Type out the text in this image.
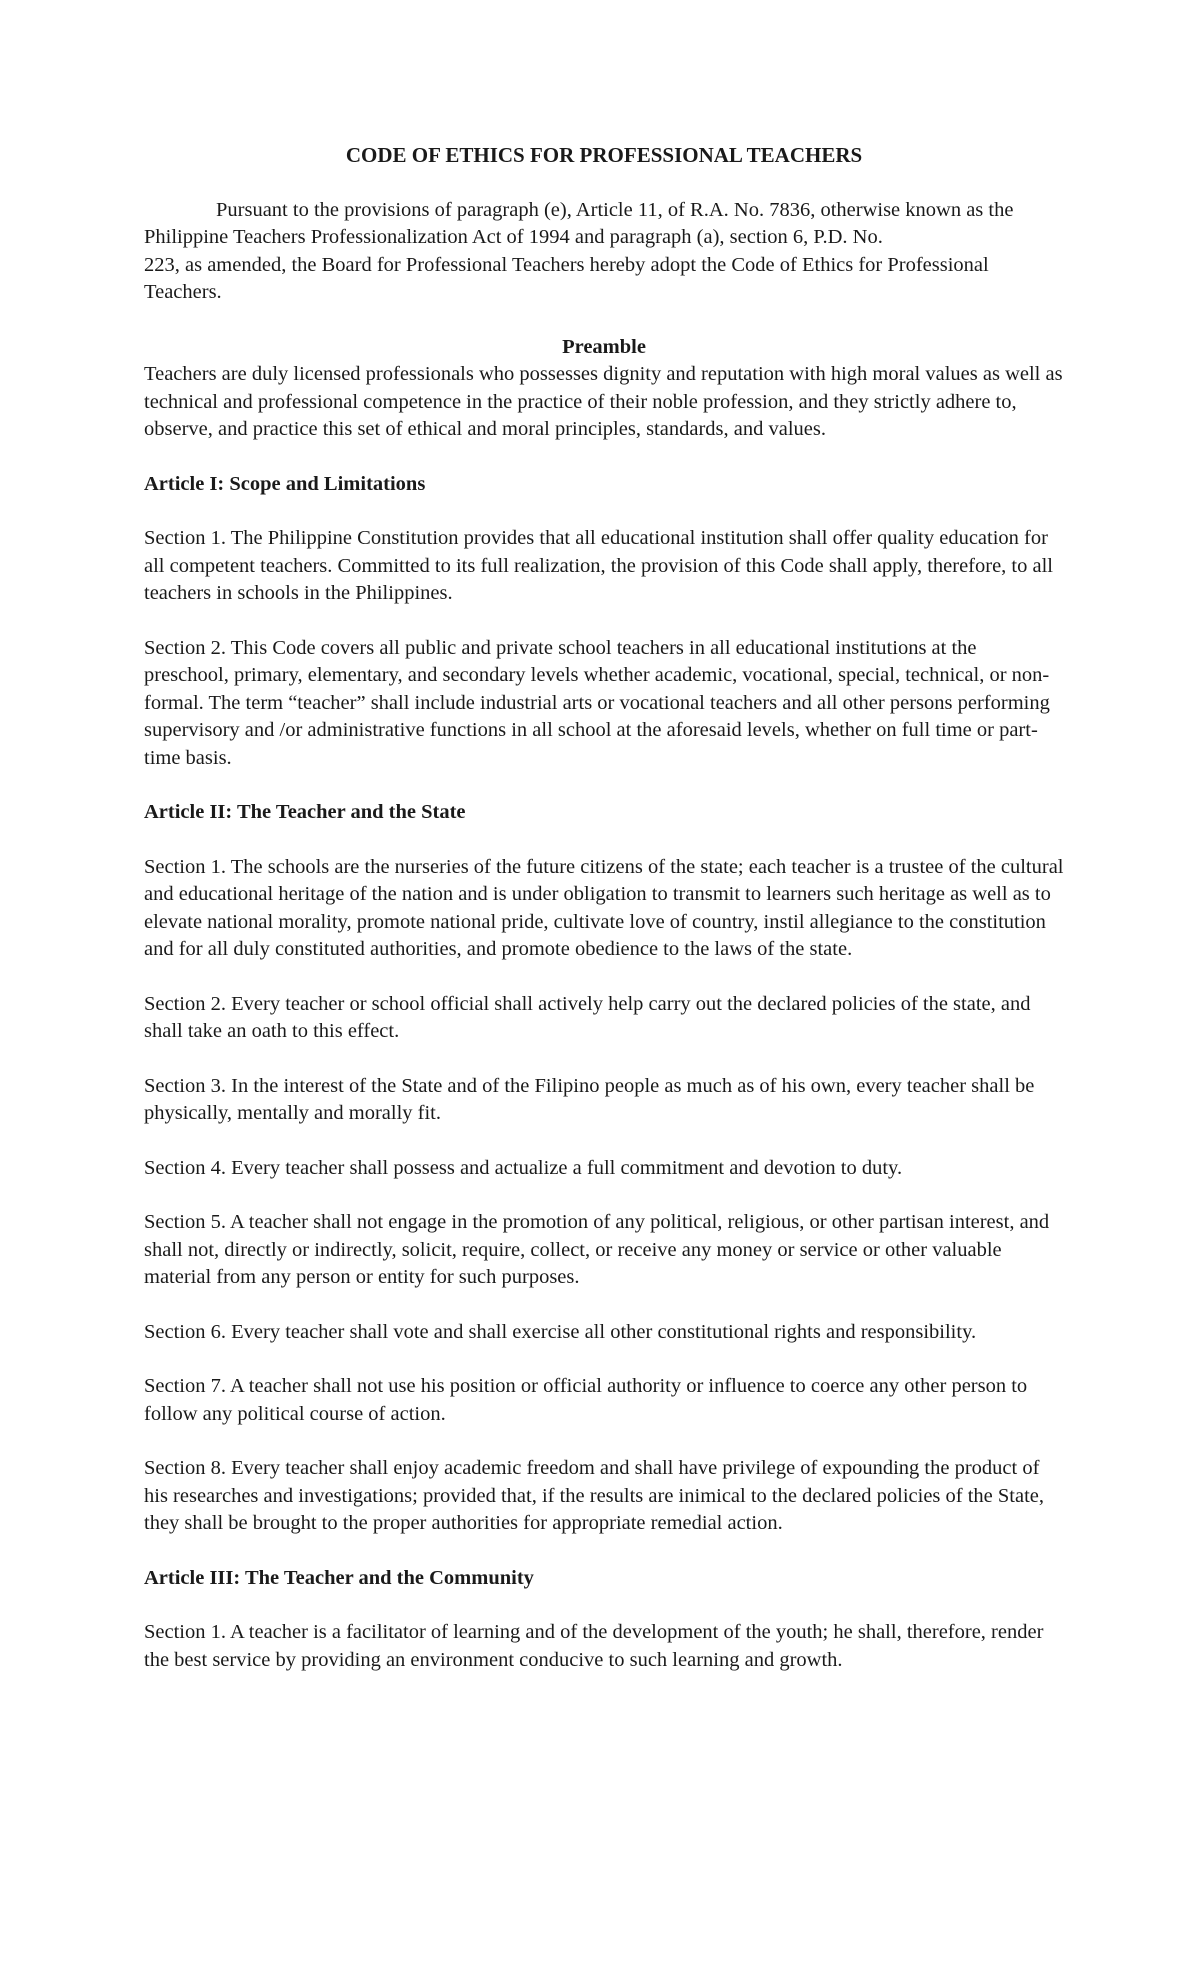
CODE OF ETHICS FOR PROFESSIONAL TEACHERS

Pursuant to the provisions of paragraph (e), Article 11, of R.A. No. 7836, otherwise known as the Philippine Teachers Professionalization Act of 1994 and paragraph (a), section 6, P.D. No.

223, as amended, the Board for Professional Teachers hereby adopt the Code of Ethics for Professional Teachers.

Preamble

Teachers are duly licensed professionals who possesses dignity and reputation with high moral values as well as technical and professional competence in the practice of their noble profession, and they strictly adhere to, observe, and practice this set of ethical and moral principles, standards, and values.

Article I: Scope and Limitations

Section 1. The Philippine Constitution provides that all educational institution shall offer quality education for all competent teachers. Committed to its full realization, the provision of this Code shall apply, therefore, to all teachers in schools in the Philippines.

Section 2. This Code covers all public and private school teachers in all educational institutions at the preschool, primary, elementary, and secondary levels whether academic, vocational, special, technical, or non-formal. The term “teacher” shall include industrial arts or vocational teachers and all other persons performing supervisory and /or administrative functions in all school at the aforesaid levels, whether on full time or part-time basis.

Article II: The Teacher and the State

Section 1. The schools are the nurseries of the future citizens of the state; each teacher is a trustee of the cultural and educational heritage of the nation and is under obligation to transmit to learners such heritage as well as to elevate national morality, promote national pride, cultivate love of country, instil allegiance to the constitution and for all duly constituted authorities, and promote obedience to the laws of the state.

Section 2. Every teacher or school official shall actively help carry out the declared policies of the state, and shall take an oath to this effect.

Section 3. In the interest of the State and of the Filipino people as much as of his own, every teacher shall be physically, mentally and morally fit.

Section 4. Every teacher shall possess and actualize a full commitment and devotion to duty.

Section 5. A teacher shall not engage in the promotion of any political, religious, or other partisan interest, and shall not, directly or indirectly, solicit, require, collect, or receive any money or service or other valuable material from any person or entity for such purposes.

Section 6. Every teacher shall vote and shall exercise all other constitutional rights and responsibility.

Section 7. A teacher shall not use his position or official authority or influence to coerce any other person to follow any political course of action.

Section 8. Every teacher shall enjoy academic freedom and shall have privilege of expounding the product of his researches and investigations; provided that, if the results are inimical to the declared policies of the State, they shall be brought to the proper authorities for appropriate remedial action.

Article III: The Teacher and the Community

Section 1. A teacher is a facilitator of learning and of the development of the youth; he shall, therefore, render the best service by providing an environment conducive to such learning and growth.
